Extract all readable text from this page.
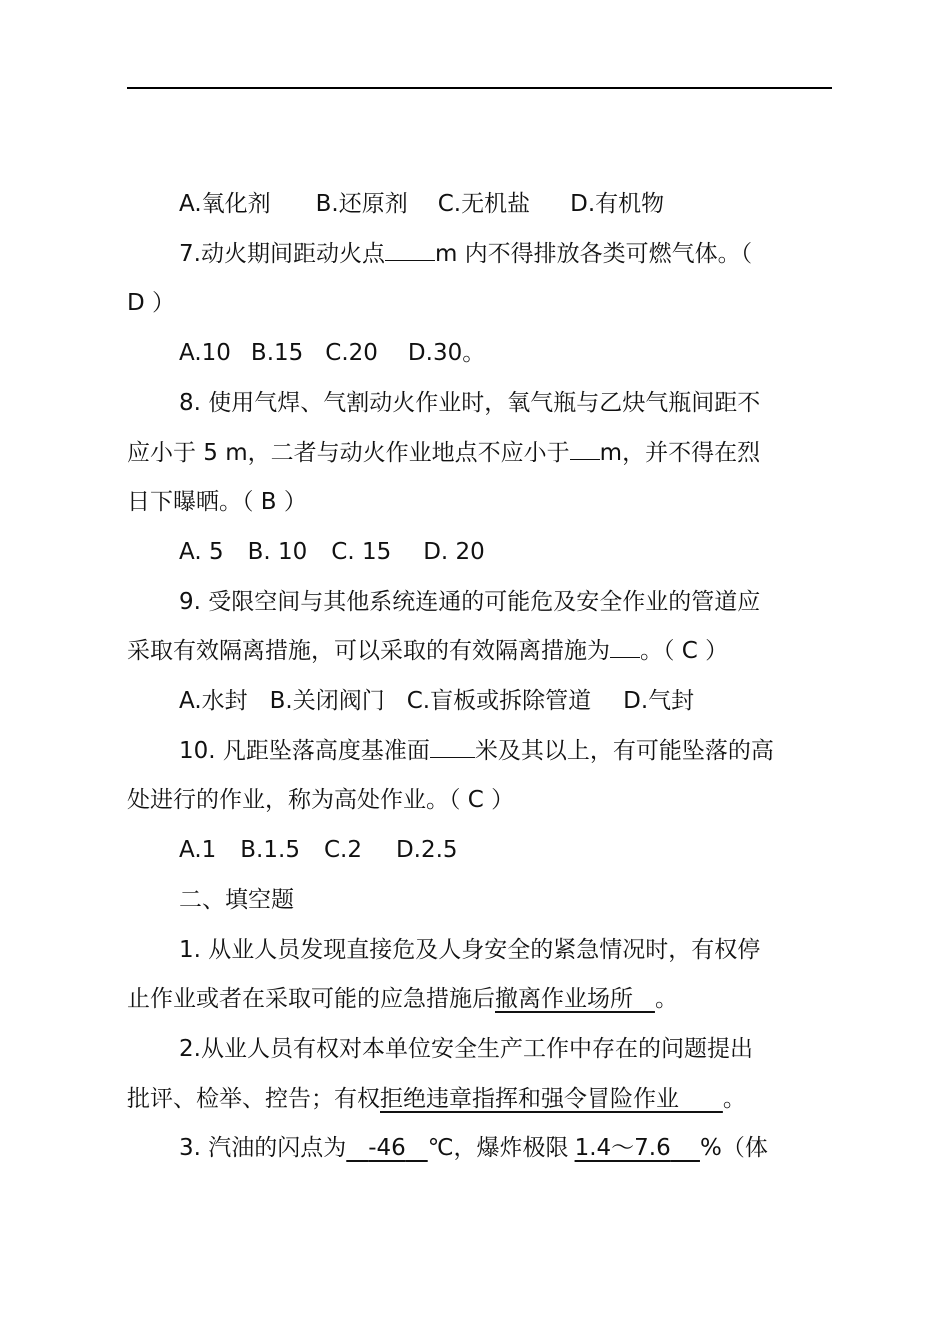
A.氧化剂 B.还原剂 C.无机盐 D.有机物

7.动火期间距动火点 m 内不得排放各类可燃气体。（

D ）

A.10 B.15 C.20 D.30。

8. 使用气焊、气割动火作业时，氧气瓶与乙炔气瓶间距不

应小于 5 m，二者与动火作业地点不应小于 m，并不得在烈

日下曝晒。（ B ）

A. 5 B. 10 C. 15 D. 20

9. 受限空间与其他系统连通的可能危及安全作业的管道应

采取有效隔离措施，可以采取的有效隔离措施为 。（ C ）

A.水封 B.关闭阀门 C.盲板或拆除管道 D.气封

10. 凡距坠落高度基准面 米及其以上，有可能坠落的高

处进行的作业，称为高处作业。（ C ）

A.1 B.1.5 C.2 D.2.5

二、填空题

1. 从业人员发现直接危及人身安全的紧急情况时，有权停

止作业或者在采取可能的应急措施后撤离作业场所 。

2.从业人员有权对本单位安全生产工作中存在的问题提出

批评、检举、控告；有权拒绝违章指挥和强令冒险作业 。

3. 汽油的闪点为 -46 ℃，爆炸极限 1.4～7.6 %（体
